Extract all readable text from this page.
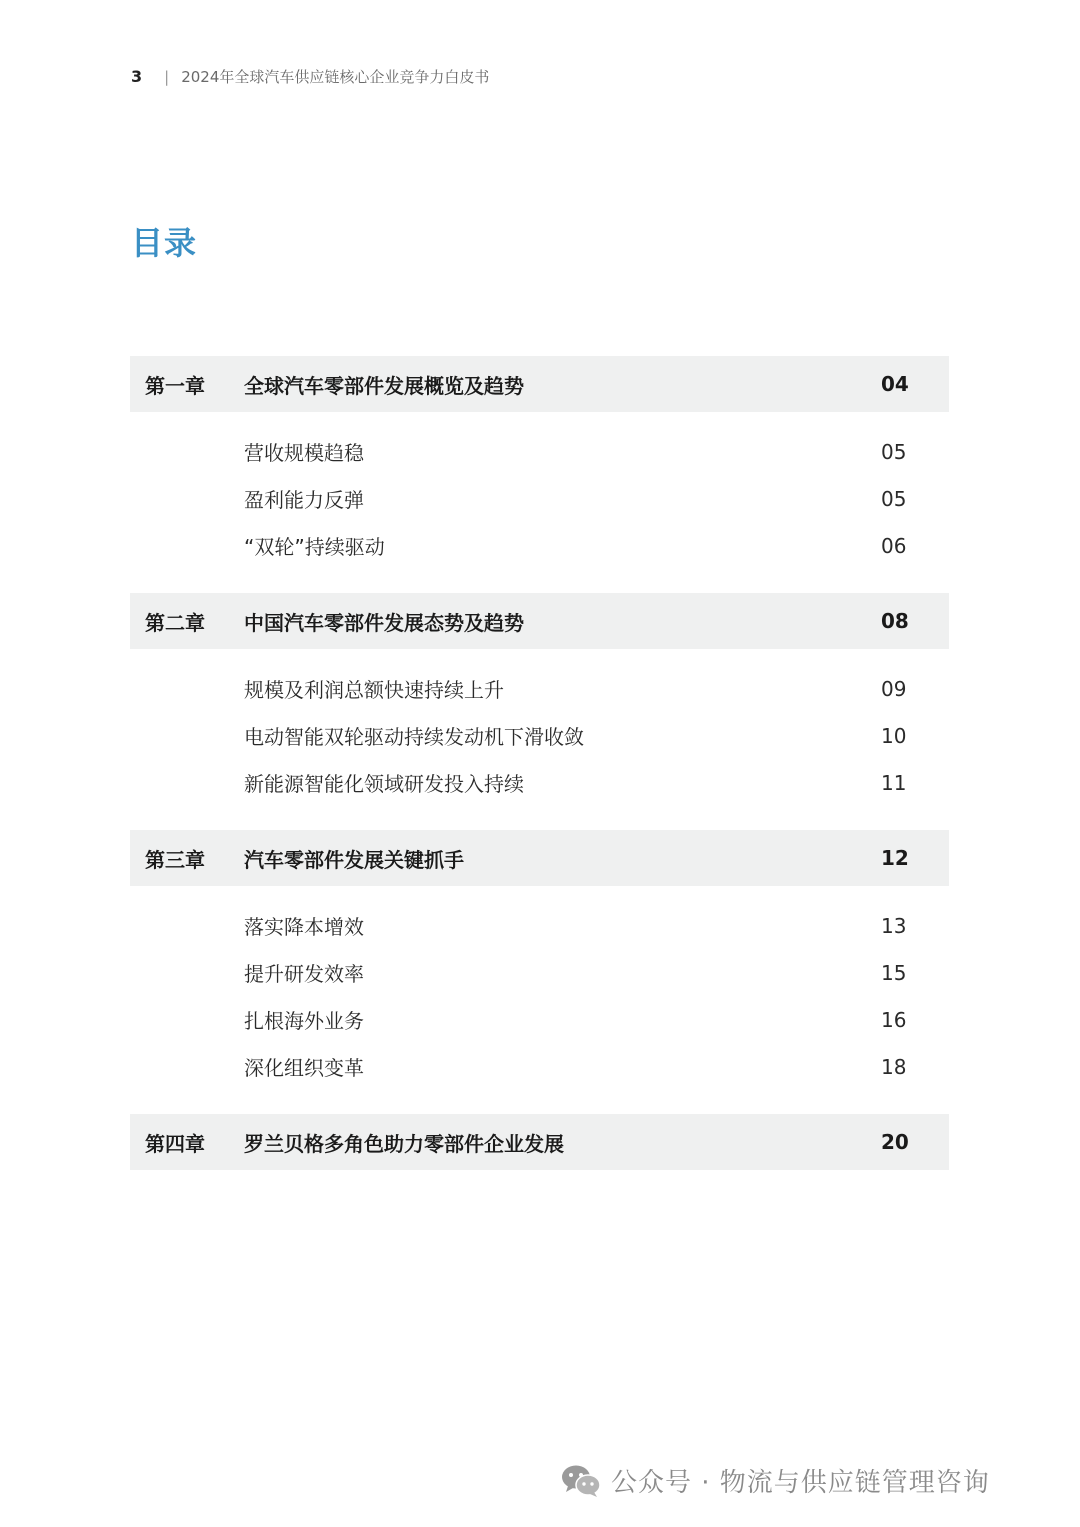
3 | 2024年全球汽车供应链核心企业竞争力白皮书
目录
第一章	全球汽车零部件发展概览及趋势	04
营收规模趋稳	05
盈利能力反弹	05
“双轮”持续驱动	06
第二章	中国汽车零部件发展态势及趋势	08
规模及利润总额快速持续上升	09
电动智能双轮驱动持续发动机下滑收敛	10
新能源智能化领域研发投入持续	11
第三章	汽车零部件发展关键抓手	12
落实降本增效	13
提升研发效率	15
扎根海外业务	16
深化组织变革	18
第四章	罗兰贝格多角色助力零部件企业发展	20
公众号 · 物流与供应链管理咨询
